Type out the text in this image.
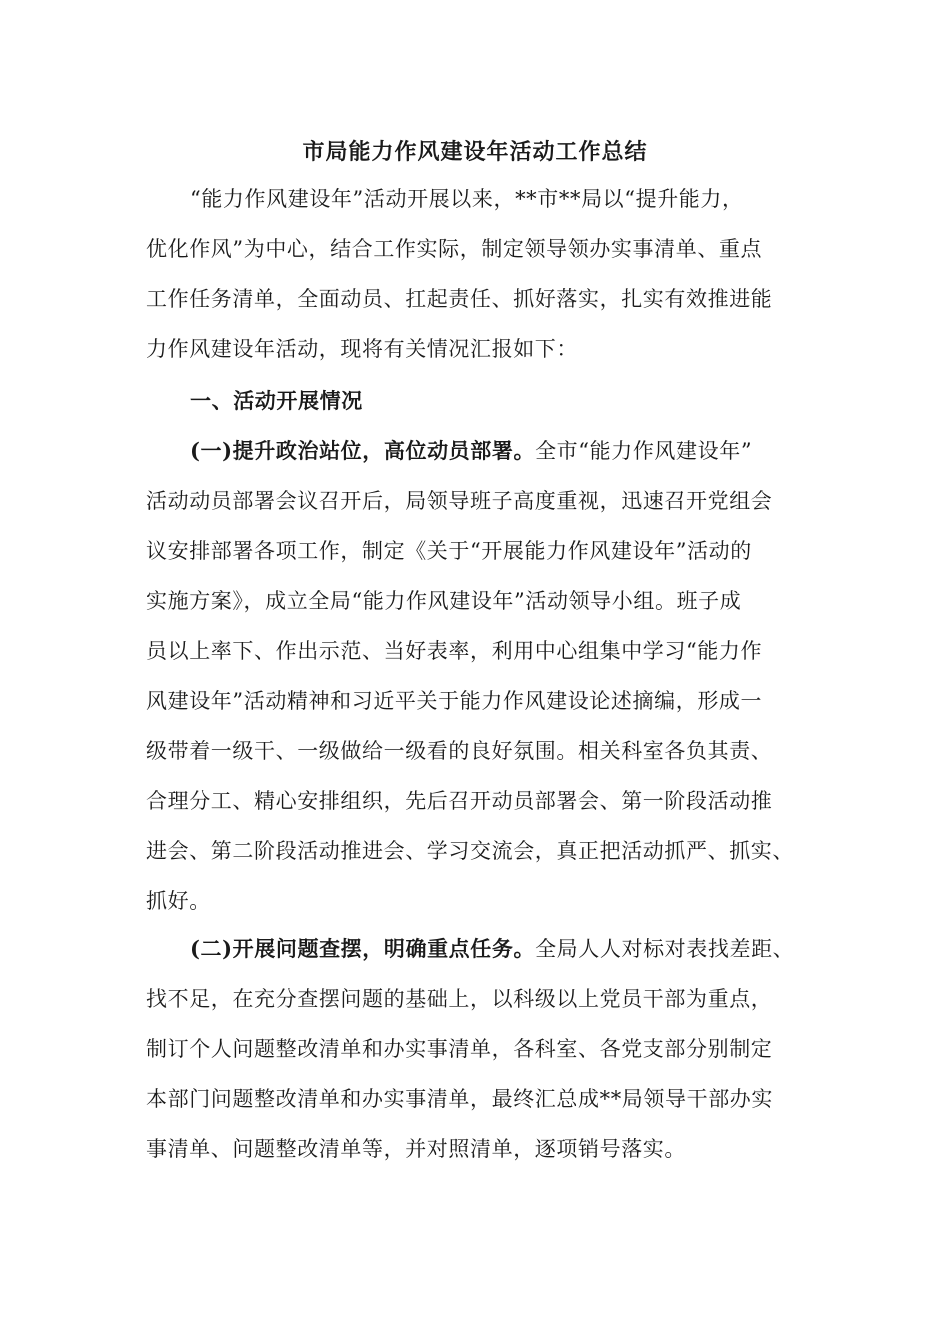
市局能力作风建设年活动工作总结

“能力作风建设年”活动开展以来，**市**局以“提升能力，

优化作风”为中心，结合工作实际，制定领导领办实事清单、重点

工作任务清单，全面动员、扛起责任、抓好落实，扎实有效推进能

力作风建设年活动，现将有关情况汇报如下：

一、活动开展情况

(一)提升政治站位，高位动员部署。全市“能力作风建设年”

活动动员部署会议召开后，局领导班子高度重视，迅速召开党组会

议安排部署各项工作，制定《关于“开展能力作风建设年”活动的

实施方案》，成立全局“能力作风建设年”活动领导小组。班子成

员以上率下、作出示范、当好表率，利用中心组集中学习“能力作

风建设年”活动精神和习近平关于能力作风建设论述摘编，形成一

级带着一级干、一级做给一级看的良好氛围。相关科室各负其责、

合理分工、精心安排组织，先后召开动员部署会、第一阶段活动推

进会、第二阶段活动推进会、学习交流会，真正把活动抓严、抓实、

抓好。

(二)开展问题查摆，明确重点任务。全局人人对标对表找差距、

找不足，在充分查摆问题的基础上，以科级以上党员干部为重点，

制订个人问题整改清单和办实事清单，各科室、各党支部分别制定

本部门问题整改清单和办实事清单，最终汇总成**局领导干部办实

事清单、问题整改清单等，并对照清单，逐项销号落实。
